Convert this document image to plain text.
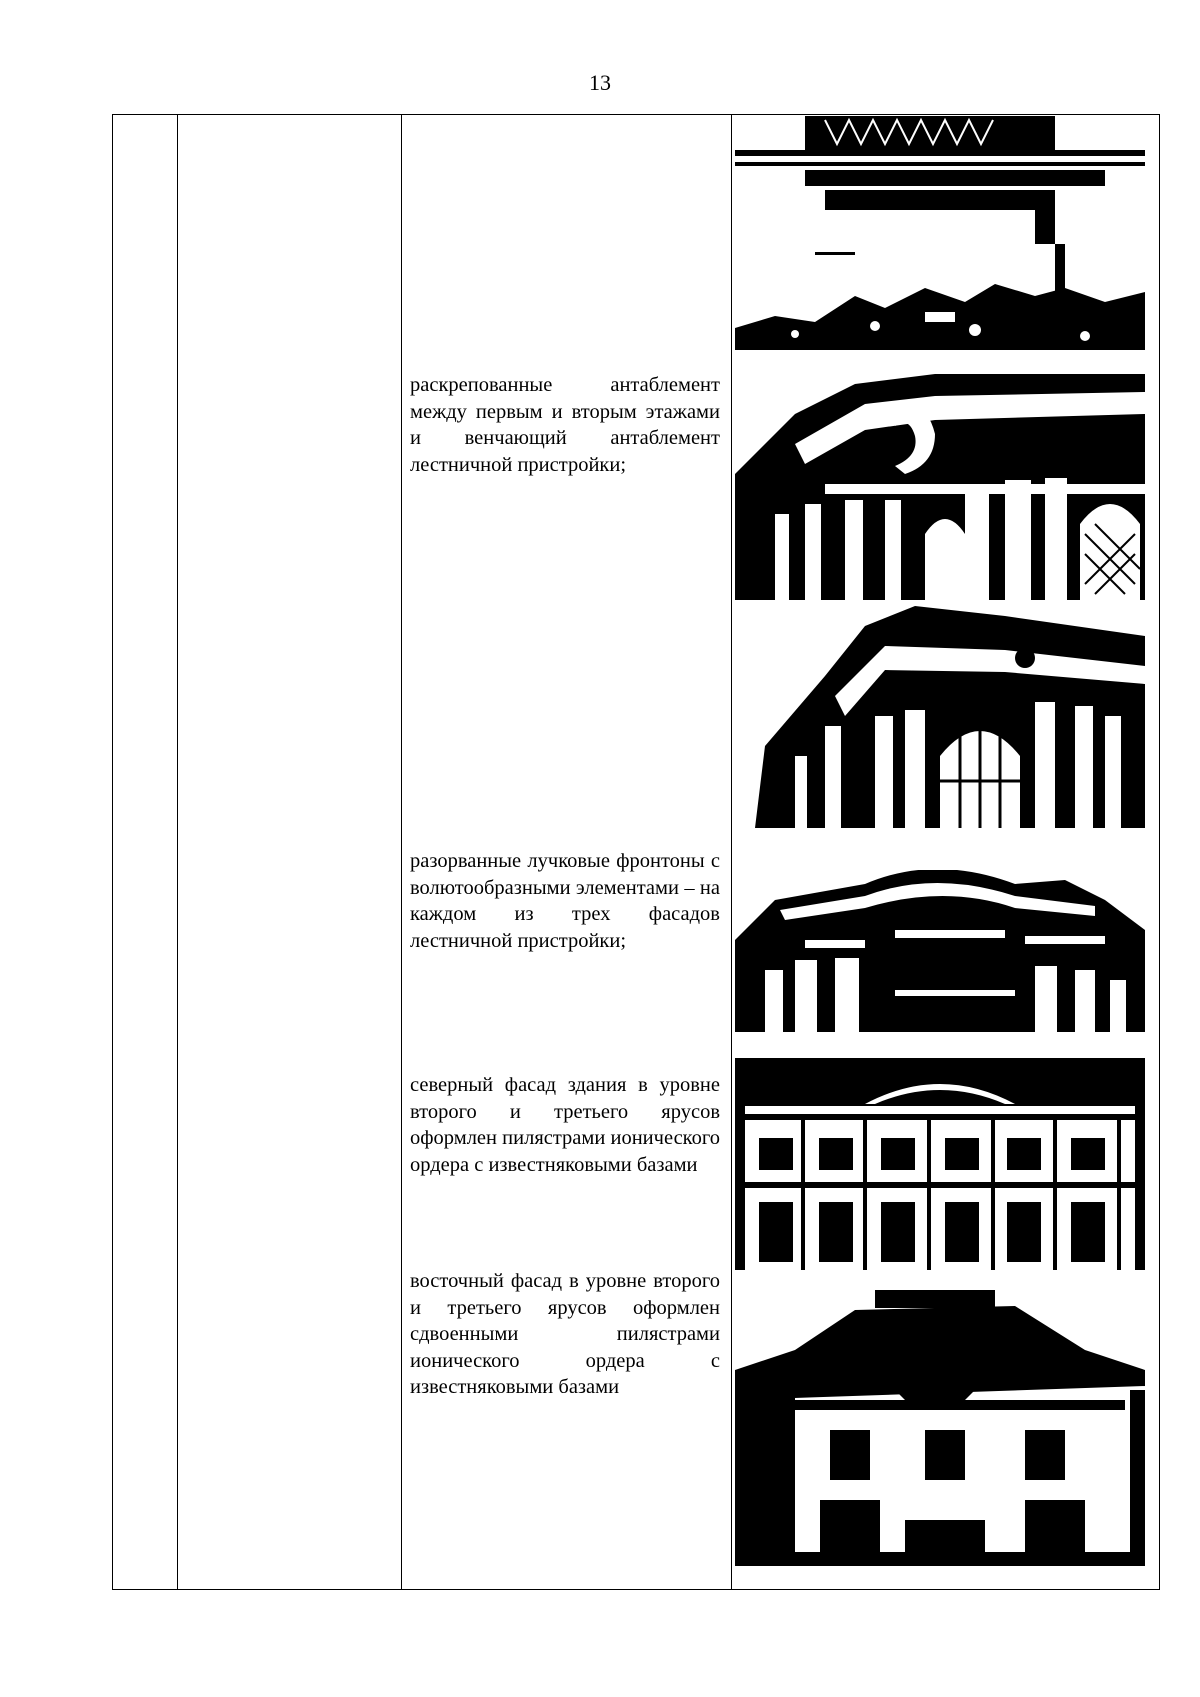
13
раскрепованные антаблемент между первым и вторым этажами и венчающий антаблемент лестничной пристройки;
разорванные лучковые фронтоны с волютообразными элементами – на каждом из трех фасадов лестничной пристройки;
северный фасад здания в уровне второго и третьего ярусов оформлен пилястрами ионического ордера с известняковыми базами
восточный фасад в уровне второго и третьего ярусов оформлен сдвоенными пилястрами ионического ордера с известняковыми базами
